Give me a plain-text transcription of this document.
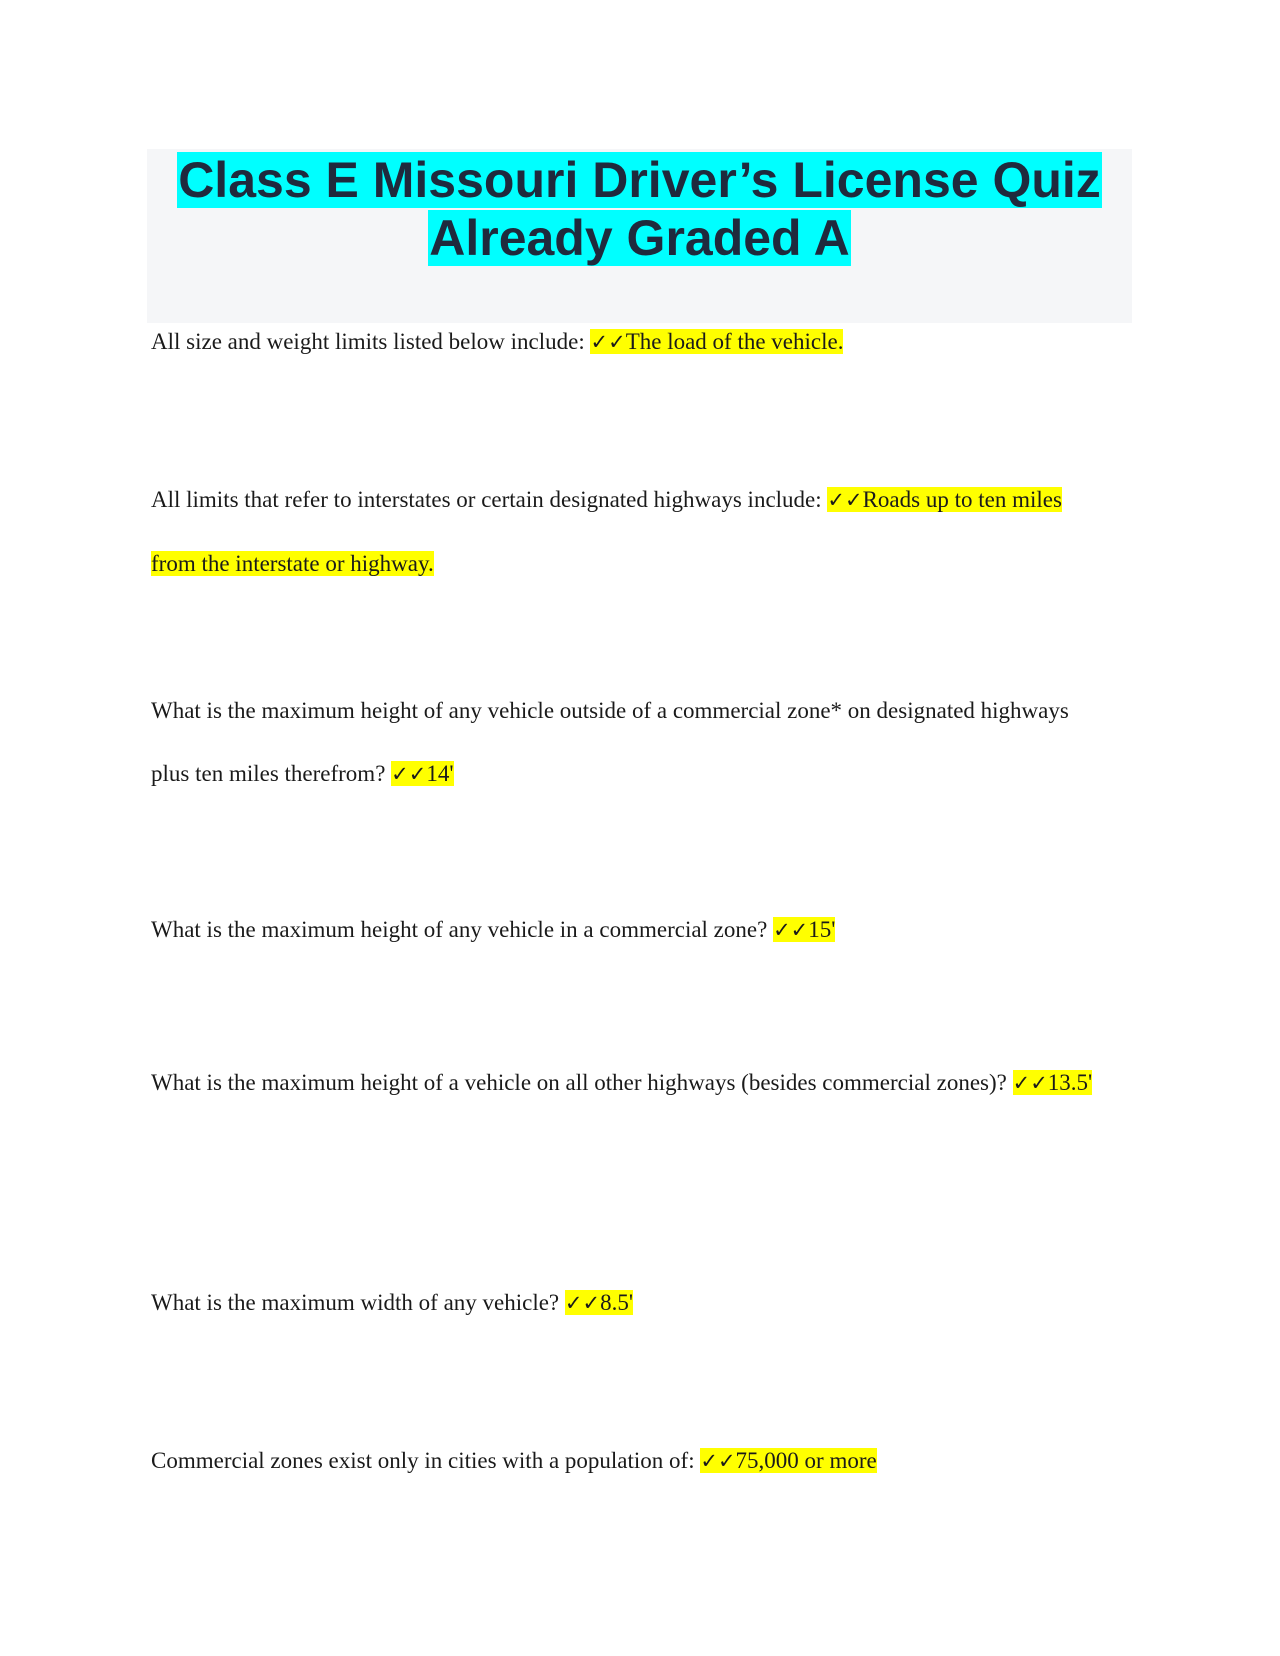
Class E Missouri Driver’s License Quiz
Already Graded A

All size and weight limits listed below include: ✓✓The load of the vehicle.

All limits that refer to interstates or certain designated highways include: ✓✓Roads up to ten miles from the interstate or highway.

What is the maximum height of any vehicle outside of a commercial zone* on designated highways plus ten miles therefrom? ✓✓14'

What is the maximum height of any vehicle in a commercial zone? ✓✓15'

What is the maximum height of a vehicle on all other highways (besides commercial zones)? ✓✓13.5'

What is the maximum width of any vehicle? ✓✓8.5'

Commercial zones exist only in cities with a population of: ✓✓75,000 or more
